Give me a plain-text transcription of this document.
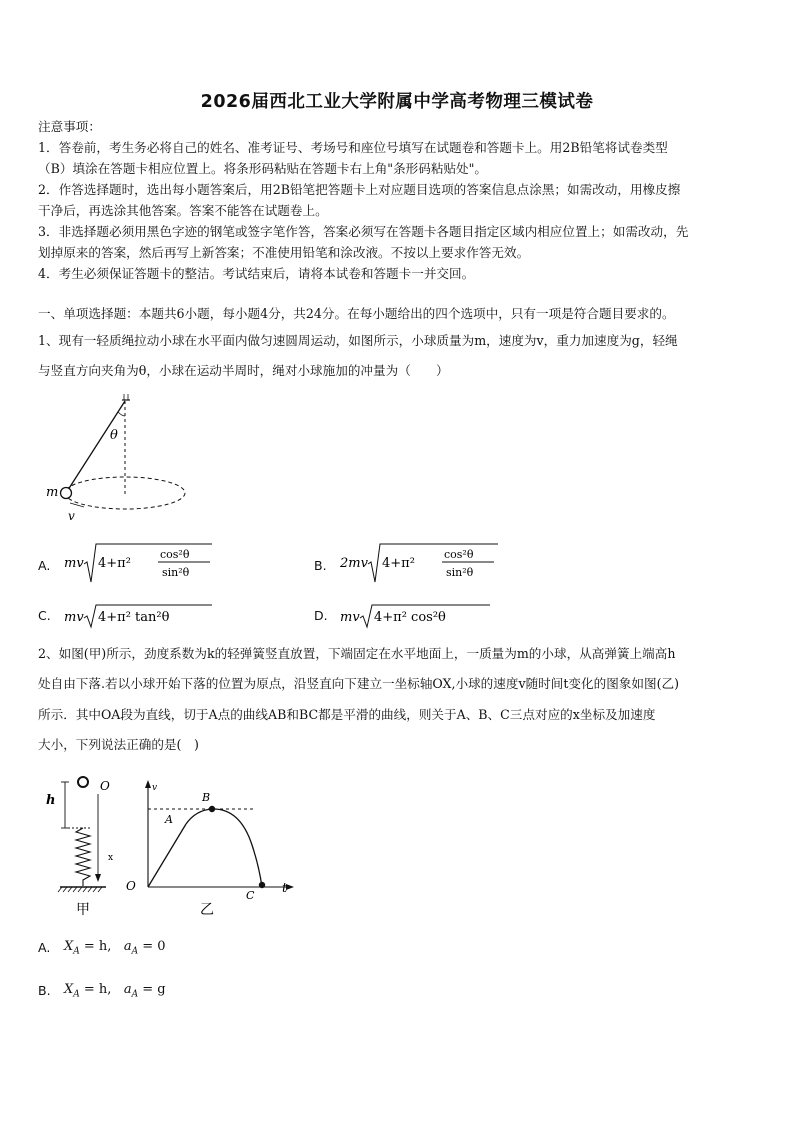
2026届西北工业大学附属中学高考物理三模试卷
注意事项：
1．答卷前，考生务必将自己的姓名、准考证号、考场号和座位号填写在试题卷和答题卡上。用2B铅笔将试卷类型
（B）填涂在答题卡相应位置上。将条形码粘贴在答题卡右上角"条形码粘贴处"。
2．作答选择题时，选出每小题答案后，用2B铅笔把答题卡上对应题目选项的答案信息点涂黑；如需改动，用橡皮擦
干净后，再选涂其他答案。答案不能答在试题卷上。
3．非选择题必须用黑色字迹的钢笔或签字笔作答，答案必须写在答题卡各题目指定区域内相应位置上；如需改动，先
划掉原来的答案，然后再写上新答案；不准使用铅笔和涂改液。不按以上要求作答无效。
4．考生必须保证答题卡的整洁。考试结束后，请将本试卷和答题卡一并交回。
一、单项选择题：本题共6小题，每小题4分，共24分。在每小题给出的四个选项中，只有一项是符合题目要求的。
1、现有一轻质绳拉动小球在水平面内做匀速圆周运动，如图所示，小球质量为m，速度为v，重力加速度为g，轻绳
与竖直方向夹角为θ，小球在运动半周时，绳对小球施加的冲量为（　　）
θ
m
v
A. mv 4+π²
cos²θ
sin²θ	B. 2mv 4+π²
cos²θ
sin²θ
C. mv 4+π² tan²θ	D. mv 4+π² cos²θ
2、如图(甲)所示，劲度系数为k的轻弹簧竖直放置，下端固定在水平地面上，一质量为m的小球，从高弹簧上端高h
处自由下落.若以小球开始下落的位置为原点，沿竖直向下建立一坐标轴OX,小球的速度v随时间t变化的图象如图(乙)
所示．其中OA段为直线，切于A点的曲线AB和BC都是平滑的曲线，则关于A、B、C三点对应的x坐标及加速度
大小，下列说法正确的是(　)
h
O
x
甲
v
t
O
A
B
C
乙
A. $X_A = h$, $a_A = 0$
B. $X_A = h$, $a_A = g$
